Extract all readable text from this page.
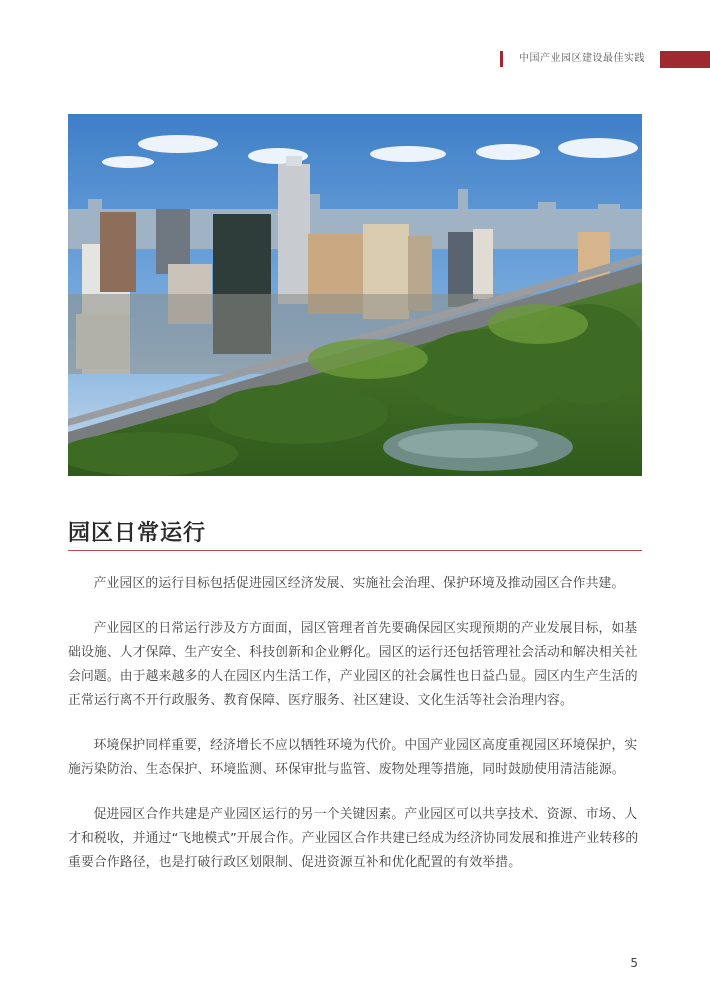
中国产业园区建设最佳实践
园区日常运行

产业园区的运行目标包括促进园区经济发展、实施社会治理、保护环境及推动园区合作共建。

产业园区的日常运行涉及方方面面，园区管理者首先要确保园区实现预期的产业发展目标，如基础设施、人才保障、生产安全、科技创新和企业孵化。园区的运行还包括管理社会活动和解决相关社会问题。由于越来越多的人在园区内生活工作，产业园区的社会属性也日益凸显。园区内生产生活的正常运行离不开行政服务、教育保障、医疗服务、社区建设、文化生活等社会治理内容。

环境保护同样重要，经济增长不应以牺牲环境为代价。中国产业园区高度重视园区环境保护，实施污染防治、生态保护、环境监测、环保审批与监管、废物处理等措施，同时鼓励使用清洁能源。

促进园区合作共建是产业园区运行的另一个关键因素。产业园区可以共享技术、资源、市场、人才和税收，并通过“飞地模式”开展合作。产业园区合作共建已经成为经济协同发展和推进产业转移的重要合作路径，也是打破行政区划限制、促进资源互补和优化配置的有效举措。

5
